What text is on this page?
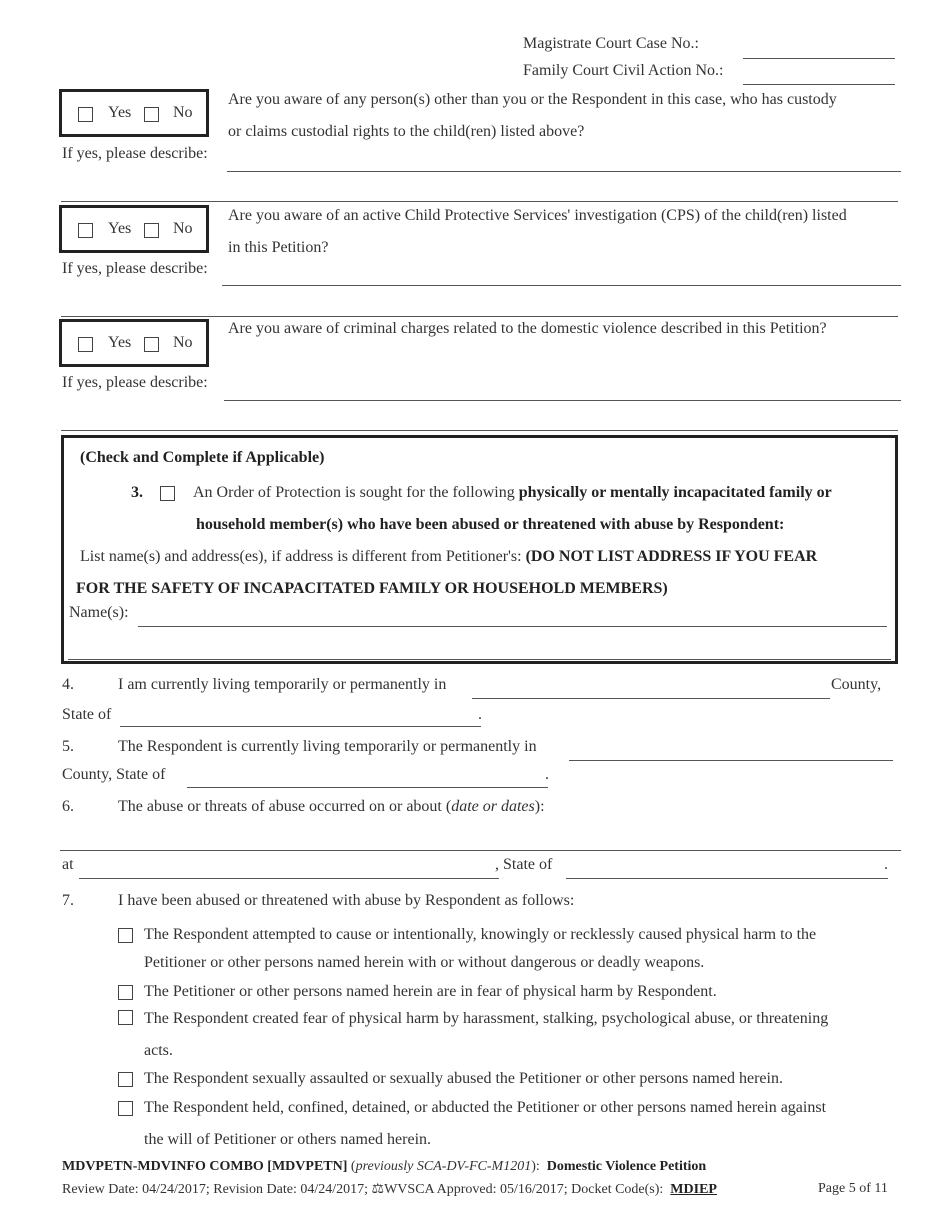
Magistrate Court Case No.:
Family Court Civil Action No.:
Yes	No
Are you aware of any person(s) other than you or the Respondent in this case, who has custody
or claims custodial rights to the child(ren) listed above?
If yes, please describe:
Yes	No
Are you aware of an active Child Protective Services' investigation (CPS) of the child(ren) listed
in this Petition?
If yes, please describe:
Yes	No
Are you aware of criminal charges related to the domestic violence described in this Petition?
If yes, please describe:
(Check and Complete if Applicable)
3.	An Order of Protection is sought for the following physically or mentally incapacitated family or
household member(s) who have been abused or threatened with abuse by Respondent:
List name(s) and address(es), if address is different from Petitioner's: (DO NOT LIST ADDRESS IF YOU FEAR
FOR THE SAFETY OF INCAPACITATED FAMILY OR HOUSEHOLD MEMBERS)
Name(s):
4.	I am currently living temporarily or permanently in	County,
State of	.
5.	The Respondent is currently living temporarily or permanently in
County, State of	.
6.	The abuse or threats of abuse occurred on or about (date or dates):
at	, State of	.
7.	I have been abused or threatened with abuse by Respondent as follows:
The Respondent attempted to cause or intentionally, knowingly or recklessly caused physical harm to the
Petitioner or other persons named herein with or without dangerous or deadly weapons.
The Petitioner or other persons named herein are in fear of physical harm by Respondent.
The Respondent created fear of physical harm by harassment, stalking, psychological abuse, or threatening
acts.
The Respondent sexually assaulted or sexually abused the Petitioner or other persons named herein.
The Respondent held, confined, detained, or abducted the Petitioner or other persons named herein against
the will of Petitioner or others named herein.
MDVPETN-MDVINFO COMBO [MDVPETN] (previously SCA-DV-FC-M1201): Domestic Violence Petition
Review Date: 04/24/2017; Revision Date: 04/24/2017; ⚖WVSCA Approved: 05/16/2017; Docket Code(s): MDIEP	Page 5 of 11
